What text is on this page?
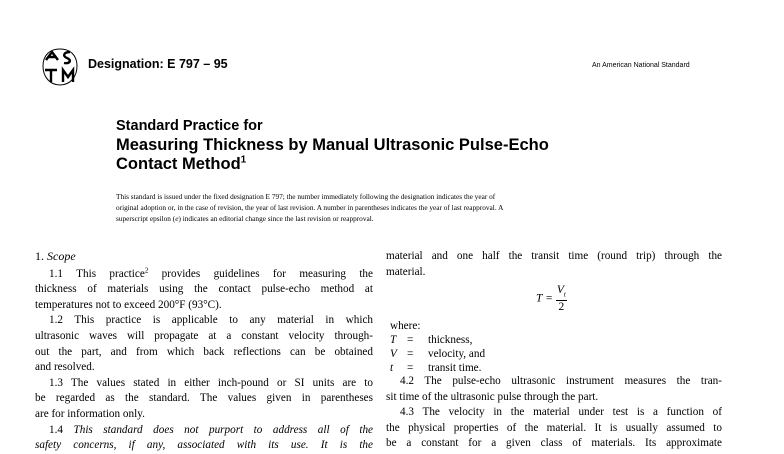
Designation: E 797 – 95	An American National Standard
Standard Practice for
Measuring Thickness by Manual Ultrasonic Pulse-Echo
Contact Method$^1$
This standard is issued under the fixed designation E 797; the number immediately following the designation indicates the year of
original adoption or, in the case of revision, the year of last revision. A number in parentheses indicates the year of last reapproval. A
superscript epsilon (e) indicates an editorial change since the last revision or reapproval.
1. Scope
1.1 This practice$^2$ provides guidelines for measuring the
thickness of materials using the contact pulse-echo method at
temperatures not to exceed 200°F (93°C).
1.2 This practice is applicable to any material in which
ultrasonic waves will propagate at a constant velocity through-
out the part, and from which back reflections can be obtained
and resolved.
1.3 The values stated in either inch-pound or SI units are to
be regarded as the standard. The values given in parentheses
are for information only.
1.4 This standard does not purport to address all of the
safety concerns, if any, associated with its use. It is the
material and one half the transit time (round trip) through the
material.
$T = \frac{V_t}{2}$
where:
T = thickness,
V = velocity, and
t = transit time.
4.2 The pulse-echo ultrasonic instrument measures the tran-
sit time of the ultrasonic pulse through the part.
4.3 The velocity in the material under test is a function of
the physical properties of the material. It is usually assumed to
be a constant for a given class of materials. Its approximate
